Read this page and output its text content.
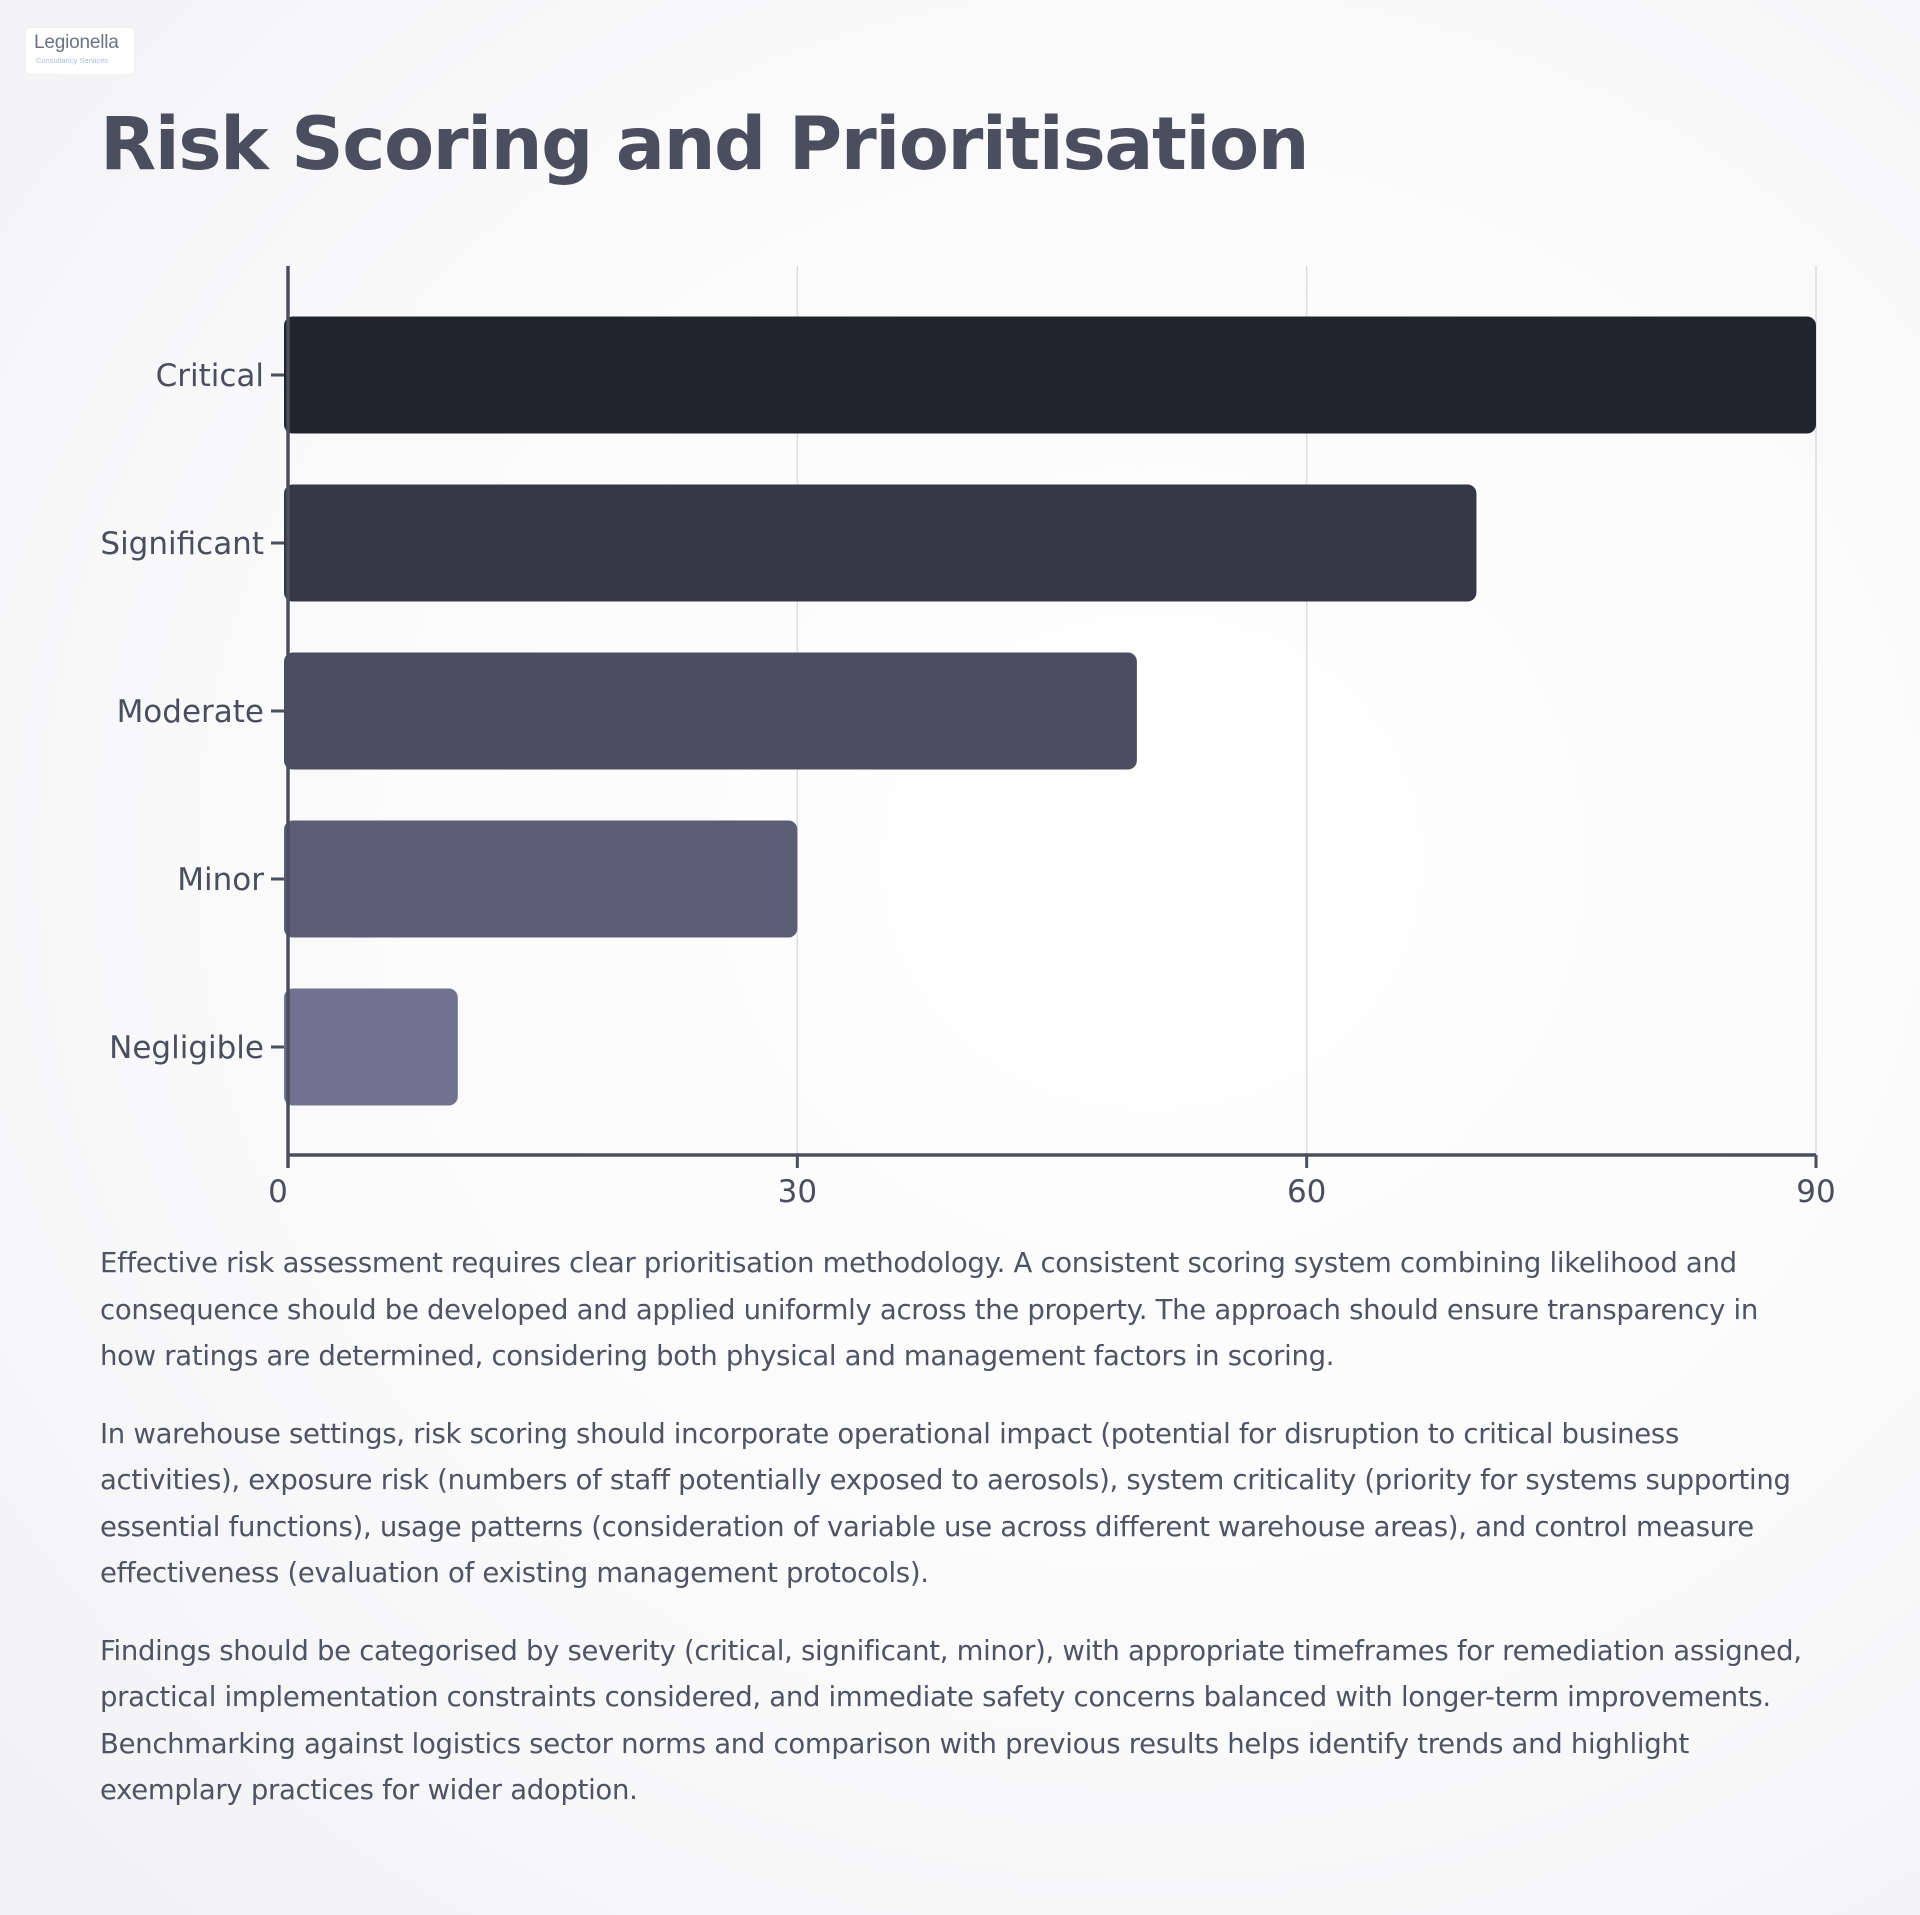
Legionella
Consultancy Services
Risk Scoring and Prioritisation
Critical
Significant
Moderate
Minor
Negligible
0	30	60	90

Effective risk assessment requires clear prioritisation methodology. A consistent scoring system combining likelihood and consequence should be developed and applied uniformly across the property. The approach should ensure transparency in how ratings are determined, considering both physical and management factors in scoring.

In warehouse settings, risk scoring should incorporate operational impact (potential for disruption to critical business activities), exposure risk (numbers of staff potentially exposed to aerosols), system criticality (priority for systems supporting essential functions), usage patterns (consideration of variable use across different warehouse areas), and control measure effectiveness (evaluation of existing management protocols).

Findings should be categorised by severity (critical, significant, minor), with appropriate timeframes for remediation assigned, practical implementation constraints considered, and immediate safety concerns balanced with longer-term improvements. Benchmarking against logistics sector norms and comparison with previous results helps identify trends and highlight exemplary practices for wider adoption.
